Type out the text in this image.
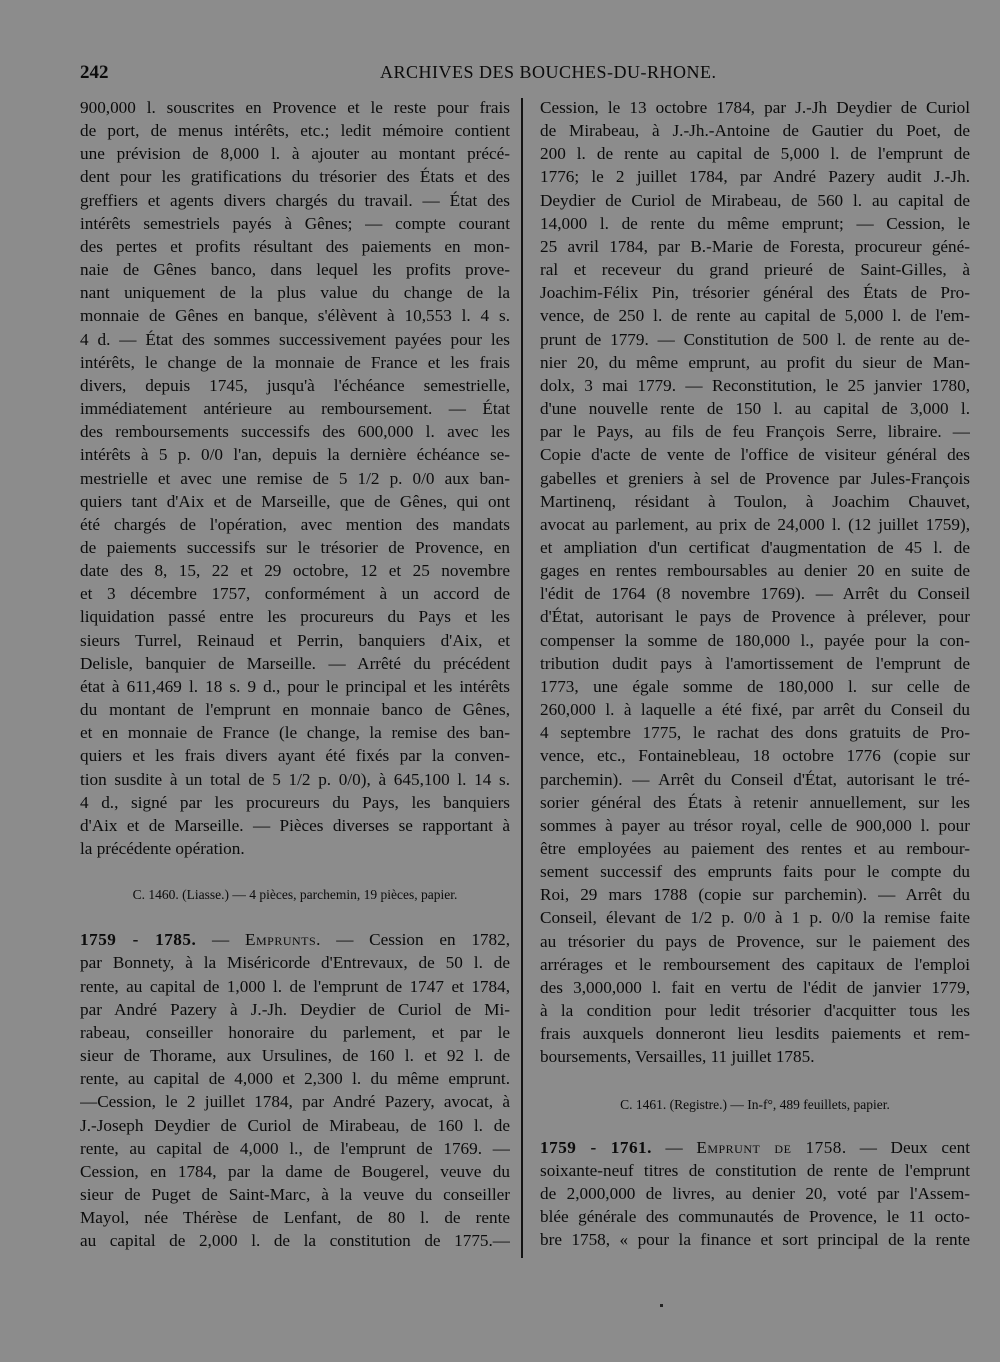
242	ARCHIVES DES BOUCHES-DU-RHONE.
900,000 l. souscrites en Provence et le reste pour frais
de port, de menus intérêts, etc.; ledit mémoire contient
une prévision de 8,000 l. à ajouter au montant précé-
dent pour les gratifications du trésorier des États et des
greffiers et agents divers chargés du travail. — État des
intérêts semestriels payés à Gênes; — compte courant
des pertes et profits résultant des paiements en mon-
naie de Gênes banco, dans lequel les profits prove-
nant uniquement de la plus value du change de la
monnaie de Gênes en banque, s'élèvent à 10,553 l. 4 s.
4 d. — État des sommes successivement payées pour les
intérêts, le change de la monnaie de France et les frais
divers, depuis 1745, jusqu'à l'échéance semestrielle,
immédiatement antérieure au remboursement. — État
des remboursements successifs des 600,000 l. avec les
intérêts à 5 p. 0/0 l'an, depuis la dernière échéance se-
mestrielle et avec une remise de 5 1/2 p. 0/0 aux ban-
quiers tant d'Aix et de Marseille, que de Gênes, qui ont
été chargés de l'opération, avec mention des mandats
de paiements successifs sur le trésorier de Provence, en
date des 8, 15, 22 et 29 octobre, 12 et 25 novembre
et 3 décembre 1757, conformément à un accord de
liquidation passé entre les procureurs du Pays et les
sieurs Turrel, Reinaud et Perrin, banquiers d'Aix, et
Delisle, banquier de Marseille. — Arrêté du précédent
état à 611,469 l. 18 s. 9 d., pour le principal et les intérêts
du montant de l'emprunt en monnaie banco de Gênes,
et en monnaie de France (le change, la remise des ban-
quiers et les frais divers ayant été fixés par la conven-
tion susdite à un total de 5 1/2 p. 0/0), à 645,100 l. 14 s.
4 d., signé par les procureurs du Pays, les banquiers
d'Aix et de Marseille. — Pièces diverses se rapportant à
la précédente opération.

C. 1460. (Liasse.) — 4 pièces, parchemin, 19 pièces, papier.

1759 - 1785. — Emprunts. — Cession en 1782,
par Bonnety, à la Miséricorde d'Entrevaux, de 50 l. de
rente, au capital de 1,000 l. de l'emprunt de 1747 et 1784,
par André Pazery à J.-Jh. Deydier de Curiol de Mi-
rabeau, conseiller honoraire du parlement, et par le
sieur de Thorame, aux Ursulines, de 160 l. et 92 l. de
rente, au capital de 4,000 et 2,300 l. du même emprunt.
—Cession, le 2 juillet 1784, par André Pazery, avocat, à
J.-Joseph Deydier de Curiol de Mirabeau, de 160 l. de
rente, au capital de 4,000 l., de l'emprunt de 1769. —
Cession, en 1784, par la dame de Bougerel, veuve du
sieur de Puget de Saint-Marc, à la veuve du conseiller
Mayol, née Thérèse de Lenfant, de 80 l. de rente
au capital de 2,000 l. de la constitution de 1775.—
Cession, le 13 octobre 1784, par J.-Jh Deydier de Curiol
de Mirabeau, à J.-Jh.-Antoine de Gautier du Poet, de
200 l. de rente au capital de 5,000 l. de l'emprunt de
1776; le 2 juillet 1784, par André Pazery audit J.-Jh.
Deydier de Curiol de Mirabeau, de 560 l. au capital de
14,000 l. de rente du même emprunt; — Cession, le
25 avril 1784, par B.-Marie de Foresta, procureur géné-
ral et receveur du grand prieuré de Saint-Gilles, à
Joachim-Félix Pin, trésorier général des États de Pro-
vence, de 250 l. de rente au capital de 5,000 l. de l'em-
prunt de 1779. — Constitution de 500 l. de rente au de-
nier 20, du même emprunt, au profit du sieur de Man-
dolx, 3 mai 1779. — Reconstitution, le 25 janvier 1780,
d'une nouvelle rente de 150 l. au capital de 3,000 l.
par le Pays, au fils de feu François Serre, libraire. —
Copie d'acte de vente de l'office de visiteur général des
gabelles et greniers à sel de Provence par Jules-François
Martinenq, résidant à Toulon, à Joachim Chauvet,
avocat au parlement, au prix de 24,000 l. (12 juillet 1759),
et ampliation d'un certificat d'augmentation de 45 l. de
gages en rentes remboursables au denier 20 en suite de
l'édit de 1764 (8 novembre 1769). — Arrêt du Conseil
d'État, autorisant le pays de Provence à prélever, pour
compenser la somme de 180,000 l., payée pour la con-
tribution dudit pays à l'amortissement de l'emprunt de
1773, une égale somme de 180,000 l. sur celle de
260,000 l. à laquelle a été fixé, par arrêt du Conseil du
4 septembre 1775, le rachat des dons gratuits de Pro-
vence, etc., Fontainebleau, 18 octobre 1776 (copie sur
parchemin). — Arrêt du Conseil d'État, autorisant le tré-
sorier général des États à retenir annuellement, sur les
sommes à payer au trésor royal, celle de 900,000 l. pour
être employées au paiement des rentes et au rembour-
sement successif des emprunts faits pour le compte du
Roi, 29 mars 1788 (copie sur parchemin). — Arrêt du
Conseil, élevant de 1/2 p. 0/0 à 1 p. 0/0 la remise faite
au trésorier du pays de Provence, sur le paiement des
arrérages et le remboursement des capitaux de l'emploi
des 3,000,000 l. fait en vertu de l'édit de janvier 1779,
à la condition pour ledit trésorier d'acquitter tous les
frais auxquels donneront lieu lesdits paiements et rem-
boursements, Versailles, 11 juillet 1785.

C. 1461. (Registre.) — In-f°, 489 feuillets, papier.

1759 - 1761. — Emprunt de 1758. — Deux cent
soixante-neuf titres de constitution de rente de l'emprunt
de 2,000,000 de livres, au denier 20, voté par l'Assem-
blée générale des communautés de Provence, le 11 octo-
bre 1758, « pour la finance et sort principal de la rente
